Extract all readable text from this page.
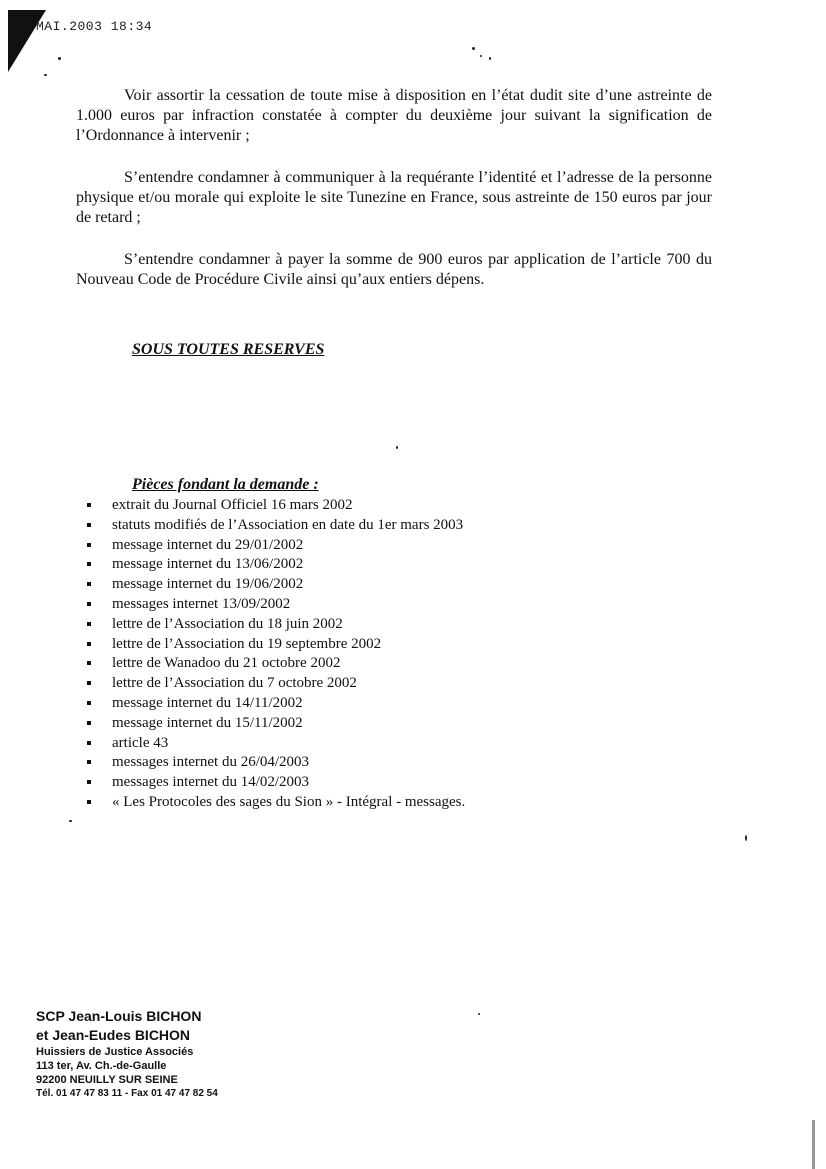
MAI.2003 18:34

Voir assortir la cessation de toute mise à disposition en l’état dudit site d’une astreinte de 1.000 euros par infraction constatée à compter du deuxième jour suivant la signification de l’Ordonnance à intervenir ;

S’entendre condamner à communiquer à la requérante l’identité et l’adresse de la personne physique et/ou morale qui exploite le site Tunezine en France, sous astreinte de 150 euros par jour de retard ;

S’entendre condamner à payer la somme de 900 euros par application de l’article 700 du Nouveau Code de Procédure Civile ainsi qu’aux entiers dépens.

SOUS TOUTES RESERVES

Pièces fondant la demande :

extrait du Journal Officiel 16 mars 2002
statuts modifiés de l’Association en date du 1er mars 2003
message internet du 29/01/2002
message internet du 13/06/2002
message internet du 19/06/2002
messages internet 13/09/2002
lettre de l’Association du 18 juin 2002
lettre de l’Association du 19 septembre 2002
lettre de Wanadoo du 21 octobre 2002
lettre de l’Association du 7 octobre 2002
message internet du 14/11/2002
message internet du 15/11/2002
article 43
messages internet du 26/04/2003
messages internet du 14/02/2003
« Les Protocoles des sages du Sion » - Intégral - messages.
SCP Jean-Louis BICHON
et Jean-Eudes BICHON
Huissiers de Justice Associés
113 ter, Av. Ch.-de-Gaulle
92200 NEUILLY SUR SEINE
Tél. 01 47 47 83 11 - Fax 01 47 47 82 54
